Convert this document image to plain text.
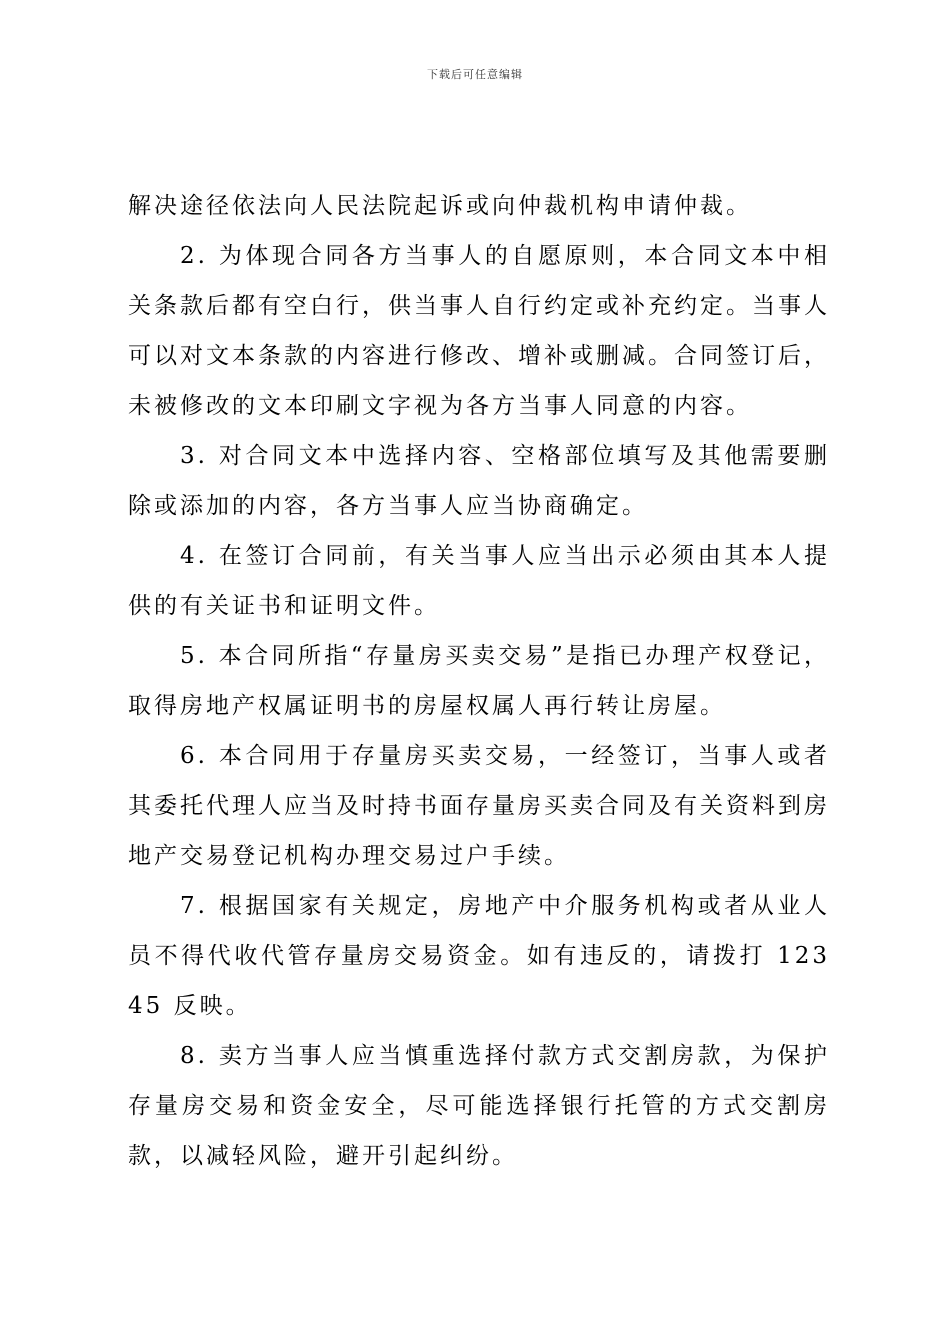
下载后可任意编辑

解决途径依法向人民法院起诉或向仲裁机构申请仲裁。

2. 为体现合同各方当事人的自愿原则，本合同文本中相关条款后都有空白行，供当事人自行约定或补充约定。当事人可以对文本条款的内容进行修改、增补或删减。合同签订后，未被修改的文本印刷文字视为各方当事人同意的内容。

3. 对合同文本中选择内容、空格部位填写及其他需要删除或添加的内容，各方当事人应当协商确定。

4. 在签订合同前，有关当事人应当出示必须由其本人提供的有关证书和证明文件。

5. 本合同所指“存量房买卖交易”是指已办理产权登记，取得房地产权属证明书的房屋权属人再行转让房屋。

6. 本合同用于存量房买卖交易，一经签订，当事人或者其委托代理人应当及时持书面存量房买卖合同及有关资料到房地产交易登记机构办理交易过户手续。

7. 根据国家有关规定，房地产中介服务机构或者从业人员不得代收代管存量房交易资金。如有违反的，请拨打 12345 反映。

8. 卖方当事人应当慎重选择付款方式交割房款，为保护存量房交易和资金安全，尽可能选择银行托管的方式交割房款，以减轻风险，避开引起纠纷。
